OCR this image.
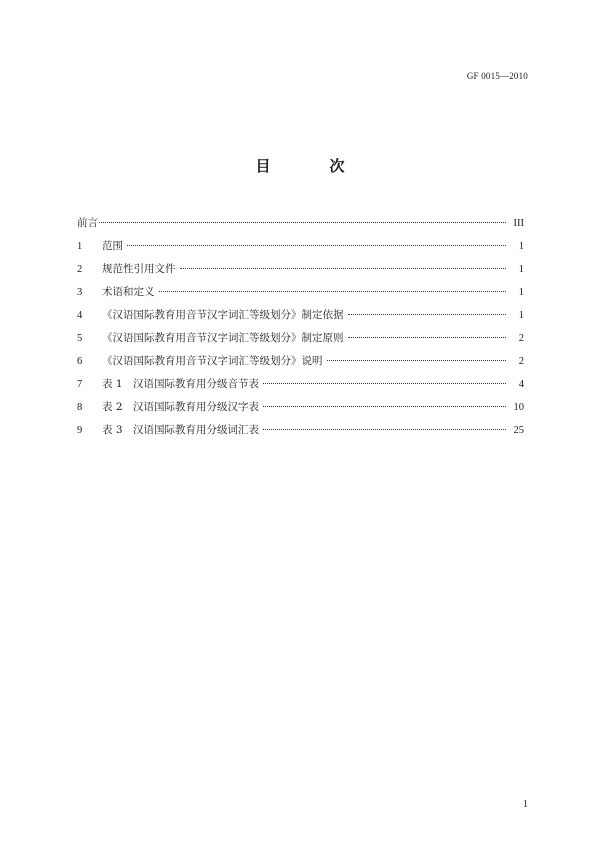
GF 0015—2010
目　次
前言	III
1	范围	1
2	规范性引用文件	1
3	术语和定义	1
4	《汉语国际教育用音节汉字词汇等级划分》制定依据	1
5	《汉语国际教育用音节汉字词汇等级划分》制定原则	2
6	《汉语国际教育用音节汉字词汇等级划分》说明	2
7	表 1　汉语国际教育用分级音节表	4
8	表 2　汉语国际教育用分级汉字表	10
9	表 3　汉语国际教育用分级词汇表	25
1
